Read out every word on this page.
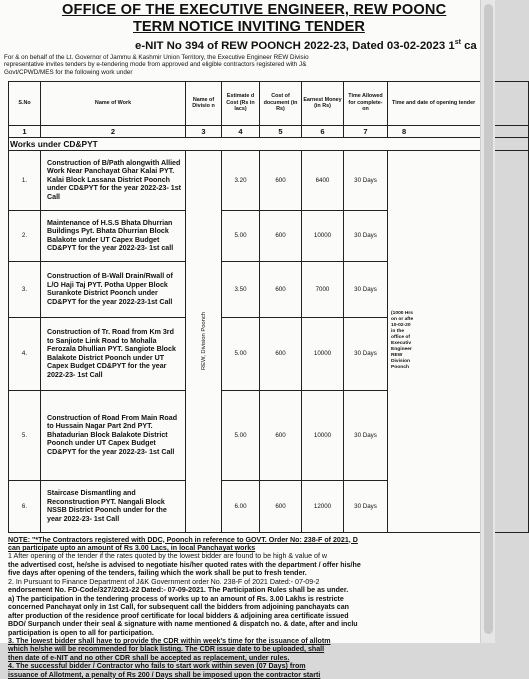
OFFICE OF THE EXECUTIVE ENGINEER, REW POONC
TERM NOTICE INVITING TENDER
e-NIT No 394 of REW POONCH 2022-23, Dated 03-02-2023 1st ca
For & on behalf of the Lt. Governor of Jammu & Kashmir Union Territory, the Executive Engineer REW Divisio
representative invites tenders by e-tendering mode from approved and eligible contractors registered with J&
Govt/CPWD/MES for the following work under
S.No	Name of Work	Name of Divisio n	Estimate d Cost (Rs in lacs)	Cost of document (in Rs)	Earnest Money (in Rs)	Time Allowed for complete- on	Time and date of opening tender
1	2	3	4	5	6	7	8
Works under CD&PYT							
1.	Construction of B/Path alongwith Allied Work Near Panchayat Ghar Kalai PYT. Kalai Block Lassana District Poonch under CD&PYT for the year 2022-23- 1st Call	REW, Division Poonch	3.20	600	6400	30 Days	(1000 Hrs on or afte 10-02-20 in the office of Executiv Engineer REW Division Poonch

2.	Maintenance of H.S.S Bhata Dhurrian Buildings Pyt. Bhata Dhurrian Block Balakote under UT Capex Budget CD&PYT for the year 2022-23- 1st call		5.00	600	10000	30 Days	
3.	Construction of B-Wall Drain/Rwall of L/O Haji Taj PYT. Potha Upper Block Surankote District Poonch under CD&PYT for the year 2022-23-1st Call		3.50	600	7000	30 Days	
4.	Construction of Tr. Road from Km 3rd to Sanjiote Link Road to Mohalla Ferozala Dhullian PYT. Sangiote Block Balakote District Poonch under UT Capex Budget CD&PYT for the year 2022-23- 1st Call		5.00	600	10000	30 Days	
5.	Construction of Road From Main Road to Hussain Nagar Part 2nd PYT. Bhatadurian Block Balakote District Poonch under UT Capex Budget CD&PYT for the year 2022-23- 1st Call		5.00	600	10000	30 Days	
6.	Staircase Dismantling and Reconstruction PYT. Nangali Block NSSB District Poonch under for the year 2022-23- 1st Call		6.00	600	12000	30 Days	

NOTE: "*The Contractors registered with DDC, Poonch in reference to GOVT. Order No: 238-F of 2021, D

can participate upto an amount of Rs 3.00 Lacs, in local Panchayat works

1 After opening of the tender if the rates quoted by the lowest bidder are found to be high & value of w

the advertised cost, he/she is advised to negotiate his/her quoted rates with the department / offer his/he

five days after opening of the tenders, failing which the work shall be put to fresh tender.

2. In Pursuant to Finance Department of J&K Government order No. 238-F of 2021 Dated:- 07-09-2

endorsement No. FD-Code/327/2021-22 Dated:- 07-09-2021. The Participation Rules shall be as under.

a) The participation in the tendering process of works up to an amount of Rs. 3.00 Lakhs is restricte

concerned Panchayat only in 1st Call, for subsequent call the bidders from adjoining panchayats can

after production of the residence proof certificate for local bidders & adjoining area certificate issued

BDO/ Surpanch under their seal & signature with name mentioned & dispatch no. & date, after and inclu

participation is open to all for participation.

3. The lowest bidder shall have to provide the CDR within week's time for the issuance of allotm

which he/she will be recommended for black listing. The CDR issue date to be uploaded, shall

then date of e-NIT and no other CDR shall be accepted as replacement, under rules.

4. The successful bidder / Contractor who fails to start work within seven (07 Days) from

issuance of Allotment, a penalty of Rs 200 / Days shall be imposed upon the contractor starti
